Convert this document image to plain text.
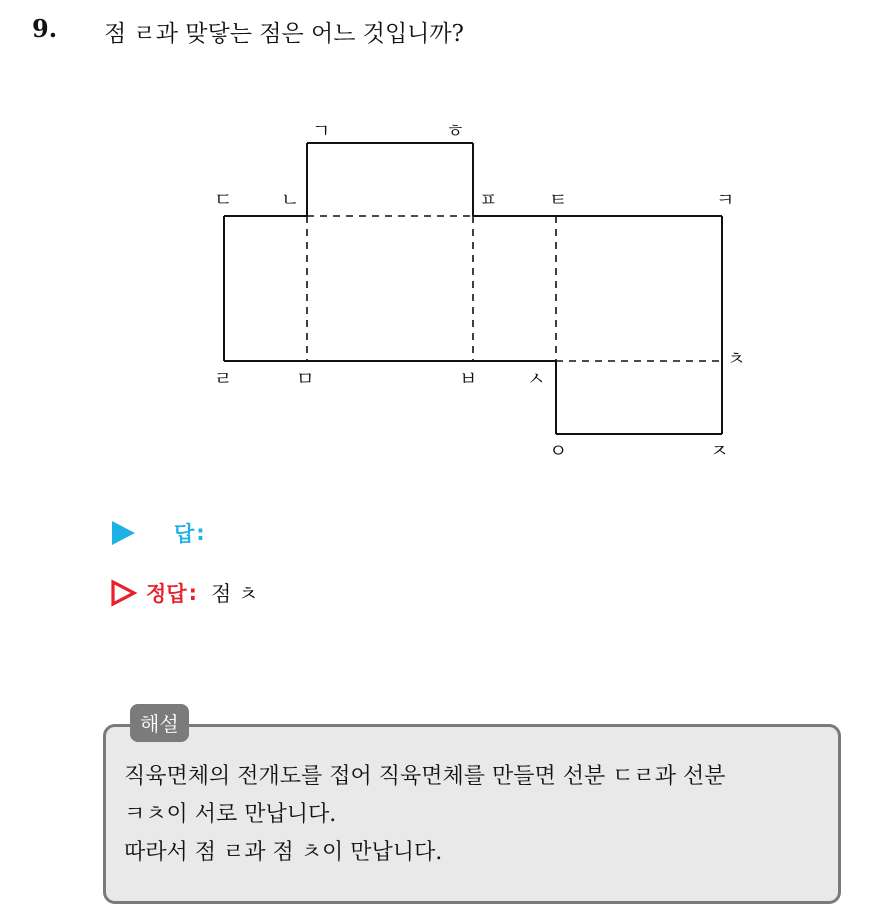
9. 점 ㄹ과 맞닿는 점은 어느 것입니까?
ㄱ	ㅎ
ㄷ	ㄴ	ㅍ	ㅌ	ㅋ
ㄹ	ㅁ	ㅂ	ㅅ
ㅊ
ㅇ	ㅈ
답 :
정답 : 점 ㅊ
해설
직육면체의 전개도를 접어 직육면체를 만들면 선분 ㄷㄹ과 선분
ㅋㅊ이 서로 만납니다.
따라서 점 ㄹ과 점 ㅊ이 만납니다.
